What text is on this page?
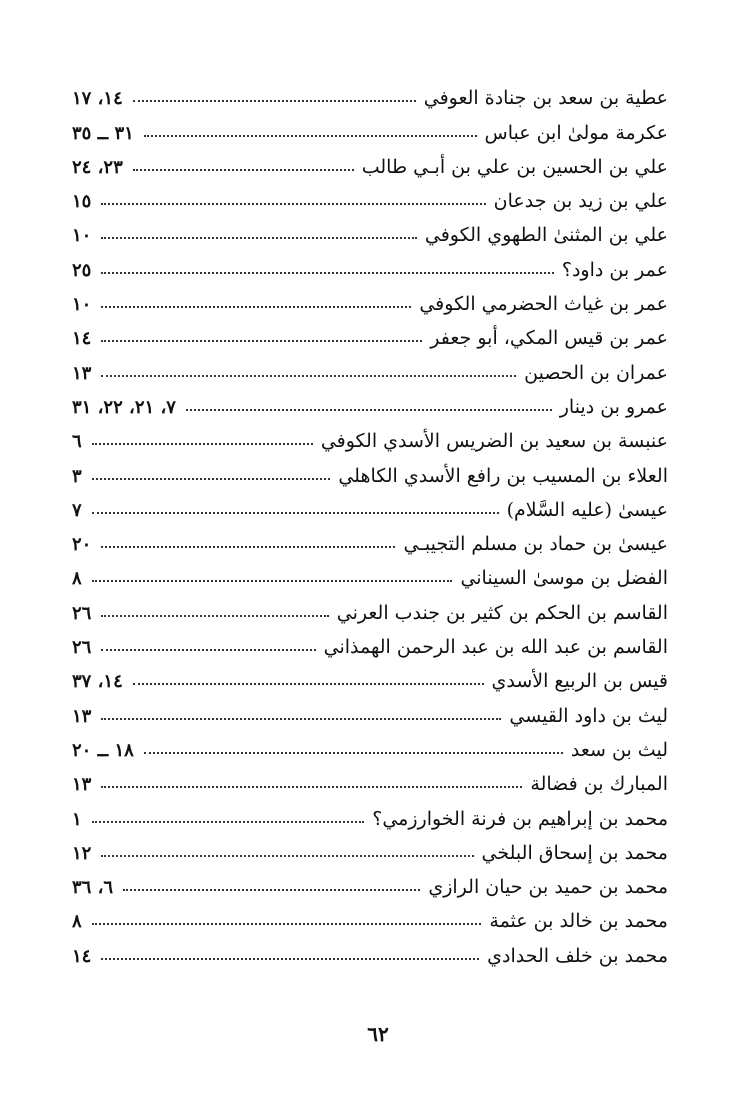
عطية بن سعد بن جنادة العوفي
١٤، ١٧
عكرمة مولىٰ ابن عباس
٣١ ــ ٣٥
علي بن الحسين بن علي بن أبـي طالب
٢٣، ٢٤
علي بن زيد بن جدعان
١٥
علي بن المثنىٰ الطهوي الكوفي
١٠
عمر بن داود؟
٢٥
عمر بن غياث الحضرمي الكوفي
١٠
عمر بن قيس المكي، أبو جعفر
١٤
عمران بن الحصين
١٣
عمرو بن دينار
٧، ٢١، ٢٢، ٣١
عنبسة بن سعيد بن الضريس الأسدي الكوفي
٦
العلاء بن المسيب بن رافع الأسدي الكاهلي
٣
عيسىٰ (عليه السَّلام)
٧
عيسىٰ بن حماد بن مسلم التجيبـي
٢٠
الفضل بن موسىٰ السيناني
٨
القاسم بن الحكم بن كثير بن جندب العرني
٢٦
القاسم بن عبد الله بن عبد الرحمن الهمذاني
٢٦
قيس بن الربيع الأسدي
١٤، ٣٧
ليث بن داود القيسي
١٣
ليث بن سعد
١٨ ــ ٢٠
المبارك بن فضالة
١٣
محمد بن إبراهيم بن فرنة الخوارزمي؟
١
محمد بن إسحاق البلخي
١٢
محمد بن حميد بن حيان الرازي
٦، ٣٦
محمد بن خالد بن عثمة
٨
محمد بن خلف الحدادي
١٤
٦٢
